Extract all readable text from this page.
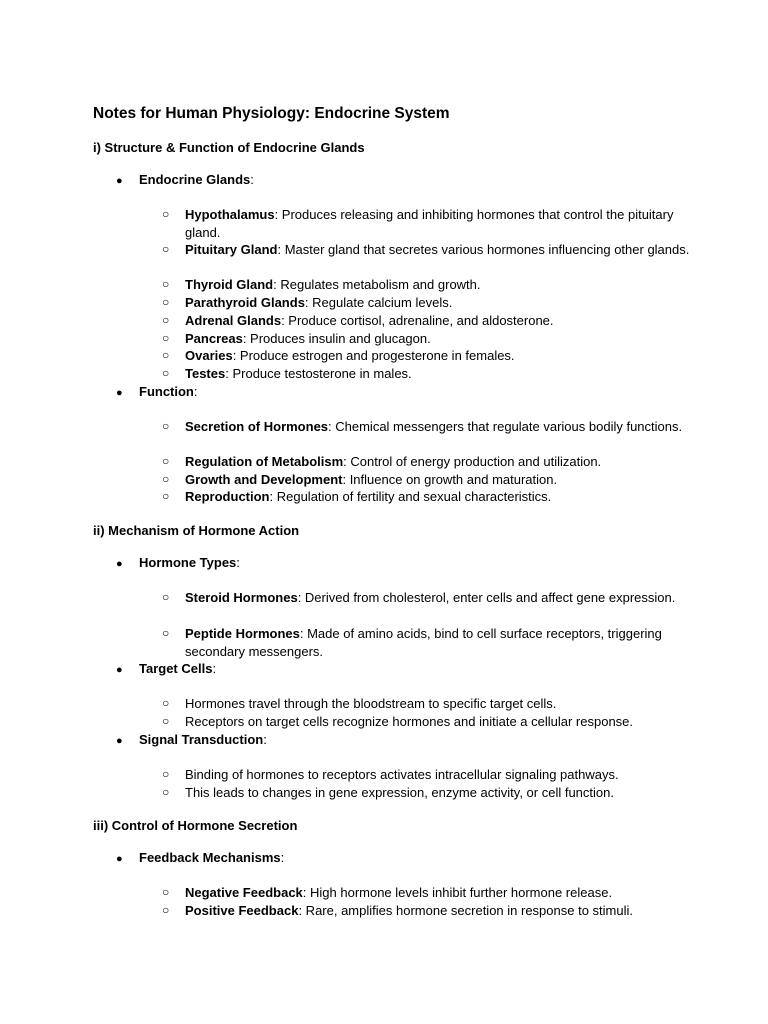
Notes for Human Physiology: Endocrine System
i) Structure & Function of Endocrine Glands
● Endocrine Glands:
○ Hypothalamus: Produces releasing and inhibiting hormones that control the pituitary gland.
○ Pituitary Gland: Master gland that secretes various hormones influencing other glands.
○ Thyroid Gland: Regulates metabolism and growth.
○ Parathyroid Glands: Regulate calcium levels.
○ Adrenal Glands: Produce cortisol, adrenaline, and aldosterone.
○ Pancreas: Produces insulin and glucagon.
○ Ovaries: Produce estrogen and progesterone in females.
○ Testes: Produce testosterone in males.
● Function:
○ Secretion of Hormones: Chemical messengers that regulate various bodily functions.
○ Regulation of Metabolism: Control of energy production and utilization.
○ Growth and Development: Influence on growth and maturation.
○ Reproduction: Regulation of fertility and sexual characteristics.
ii) Mechanism of Hormone Action
● Hormone Types:
○ Steroid Hormones: Derived from cholesterol, enter cells and affect gene expression.
○ Peptide Hormones: Made of amino acids, bind to cell surface receptors, triggering secondary messengers.
● Target Cells:
○ Hormones travel through the bloodstream to specific target cells.
○ Receptors on target cells recognize hormones and initiate a cellular response.
● Signal Transduction:
○ Binding of hormones to receptors activates intracellular signaling pathways.
○ This leads to changes in gene expression, enzyme activity, or cell function.
iii) Control of Hormone Secretion
● Feedback Mechanisms:
○ Negative Feedback: High hormone levels inhibit further hormone release.
○ Positive Feedback: Rare, amplifies hormone secretion in response to stimuli.
